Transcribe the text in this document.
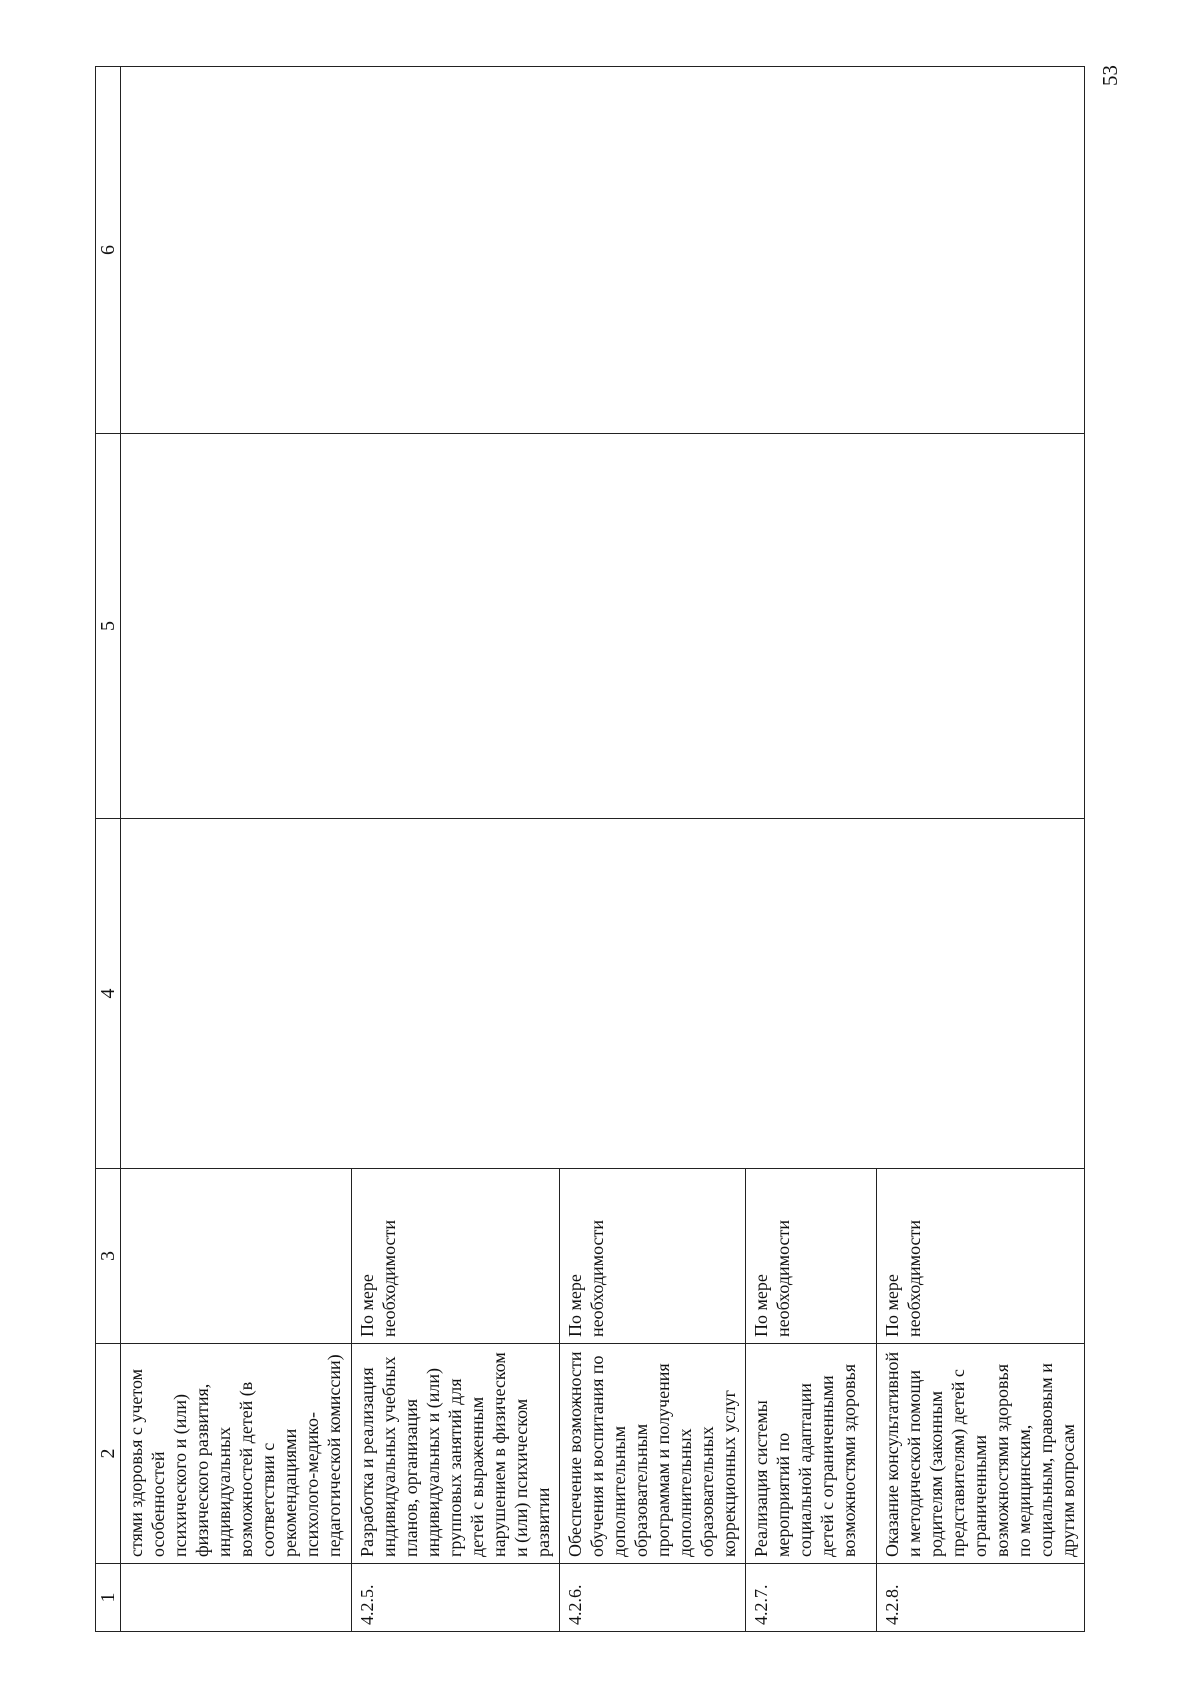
53
1	2	3	4	5	6
	стями здоровья с учетом особенностей психического и (или) физического развития, индивидуальных возможностей детей (в соответствии с рекомендациями психолого-медико-педагогической комиссии)				
4.2.5.	Разработка и реализация индивидуальных учебных планов, организация индивидуальных и (или) групповых занятий для детей с выраженным нарушением в физическом и (или) психическом развитии	По мере необходимости			
4.2.6.	Обеспечение возможности обучения и воспитания по дополнительным образовательным программам и получения дополнительных образовательных коррекционных услуг	По мере необходимости			
4.2.7.	Реализация системы мероприятий по социальной адаптации детей с ограниченными возможностями здоровья	По мере необходимости			
4.2.8.	Оказание консультативной и методической помощи родителям (законным представителям) детей с ограниченными возможностями здоровья по медицинским, социальным, правовым и другим вопросам	По мере необходимости			
